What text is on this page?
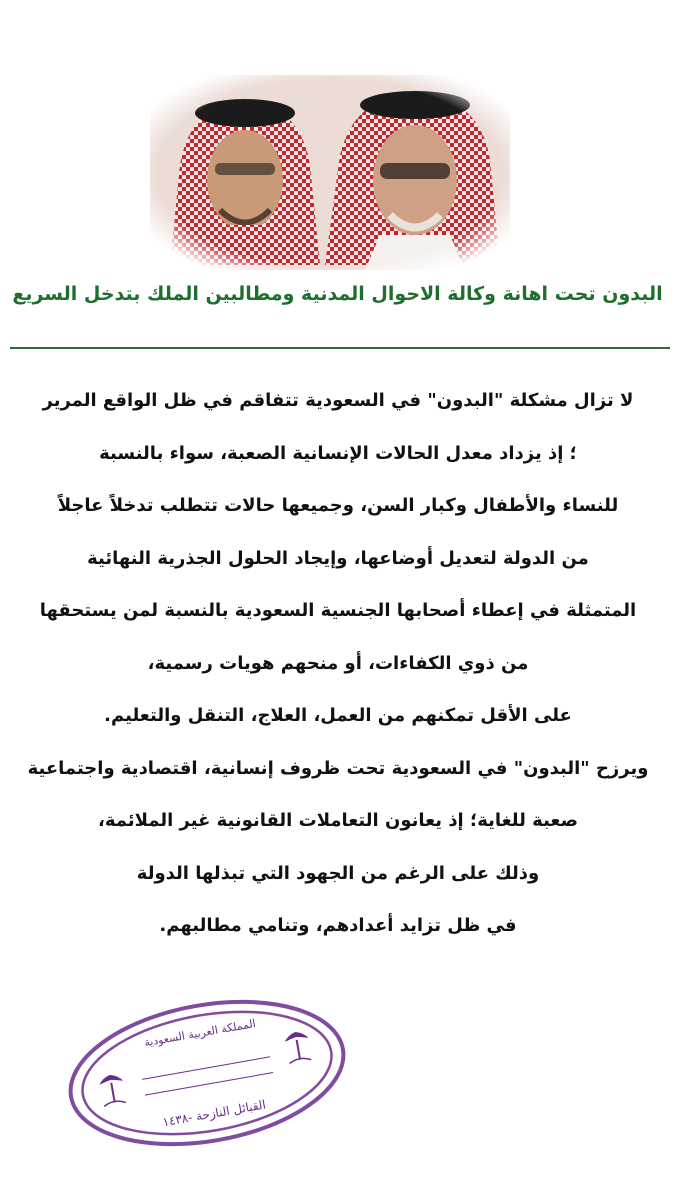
البدون تحت اهانة وكالة الاحوال المدنية ومطالبين الملك بتدخل السريع
لا تزال مشكلة "البدون" في السعودية تتفاقم في ظل الواقع المرير
؛ إذ يزداد معدل الحالات الإنسانية الصعبة، سواء بالنسبة
للنساء والأطفال وكبار السن، وجميعها حالات تتطلب تدخلاً عاجلاً
من الدولة لتعديل أوضاعها، وإيجاد الحلول الجذرية النهائية
المتمثلة في إعطاء أصحابها الجنسية السعودية بالنسبة لمن يستحقها
من ذوي الكفاءات، أو منحهم هويات رسمية،
على الأقل تمكنهم من العمل، العلاج، التنقل والتعليم.
ويرزح "البدون" في السعودية تحت ظروف إنسانية، اقتصادية واجتماعية
صعبة للغاية؛ إذ يعانون التعاملات القانونية غير الملائمة،
وذلك على الرغم من الجهود التي تبذلها الدولة
في ظل تزايد أعدادهم، وتنامي مطالبهم.
المملكة العربية السعودية
القبائل النازحة -١٤٣٨
